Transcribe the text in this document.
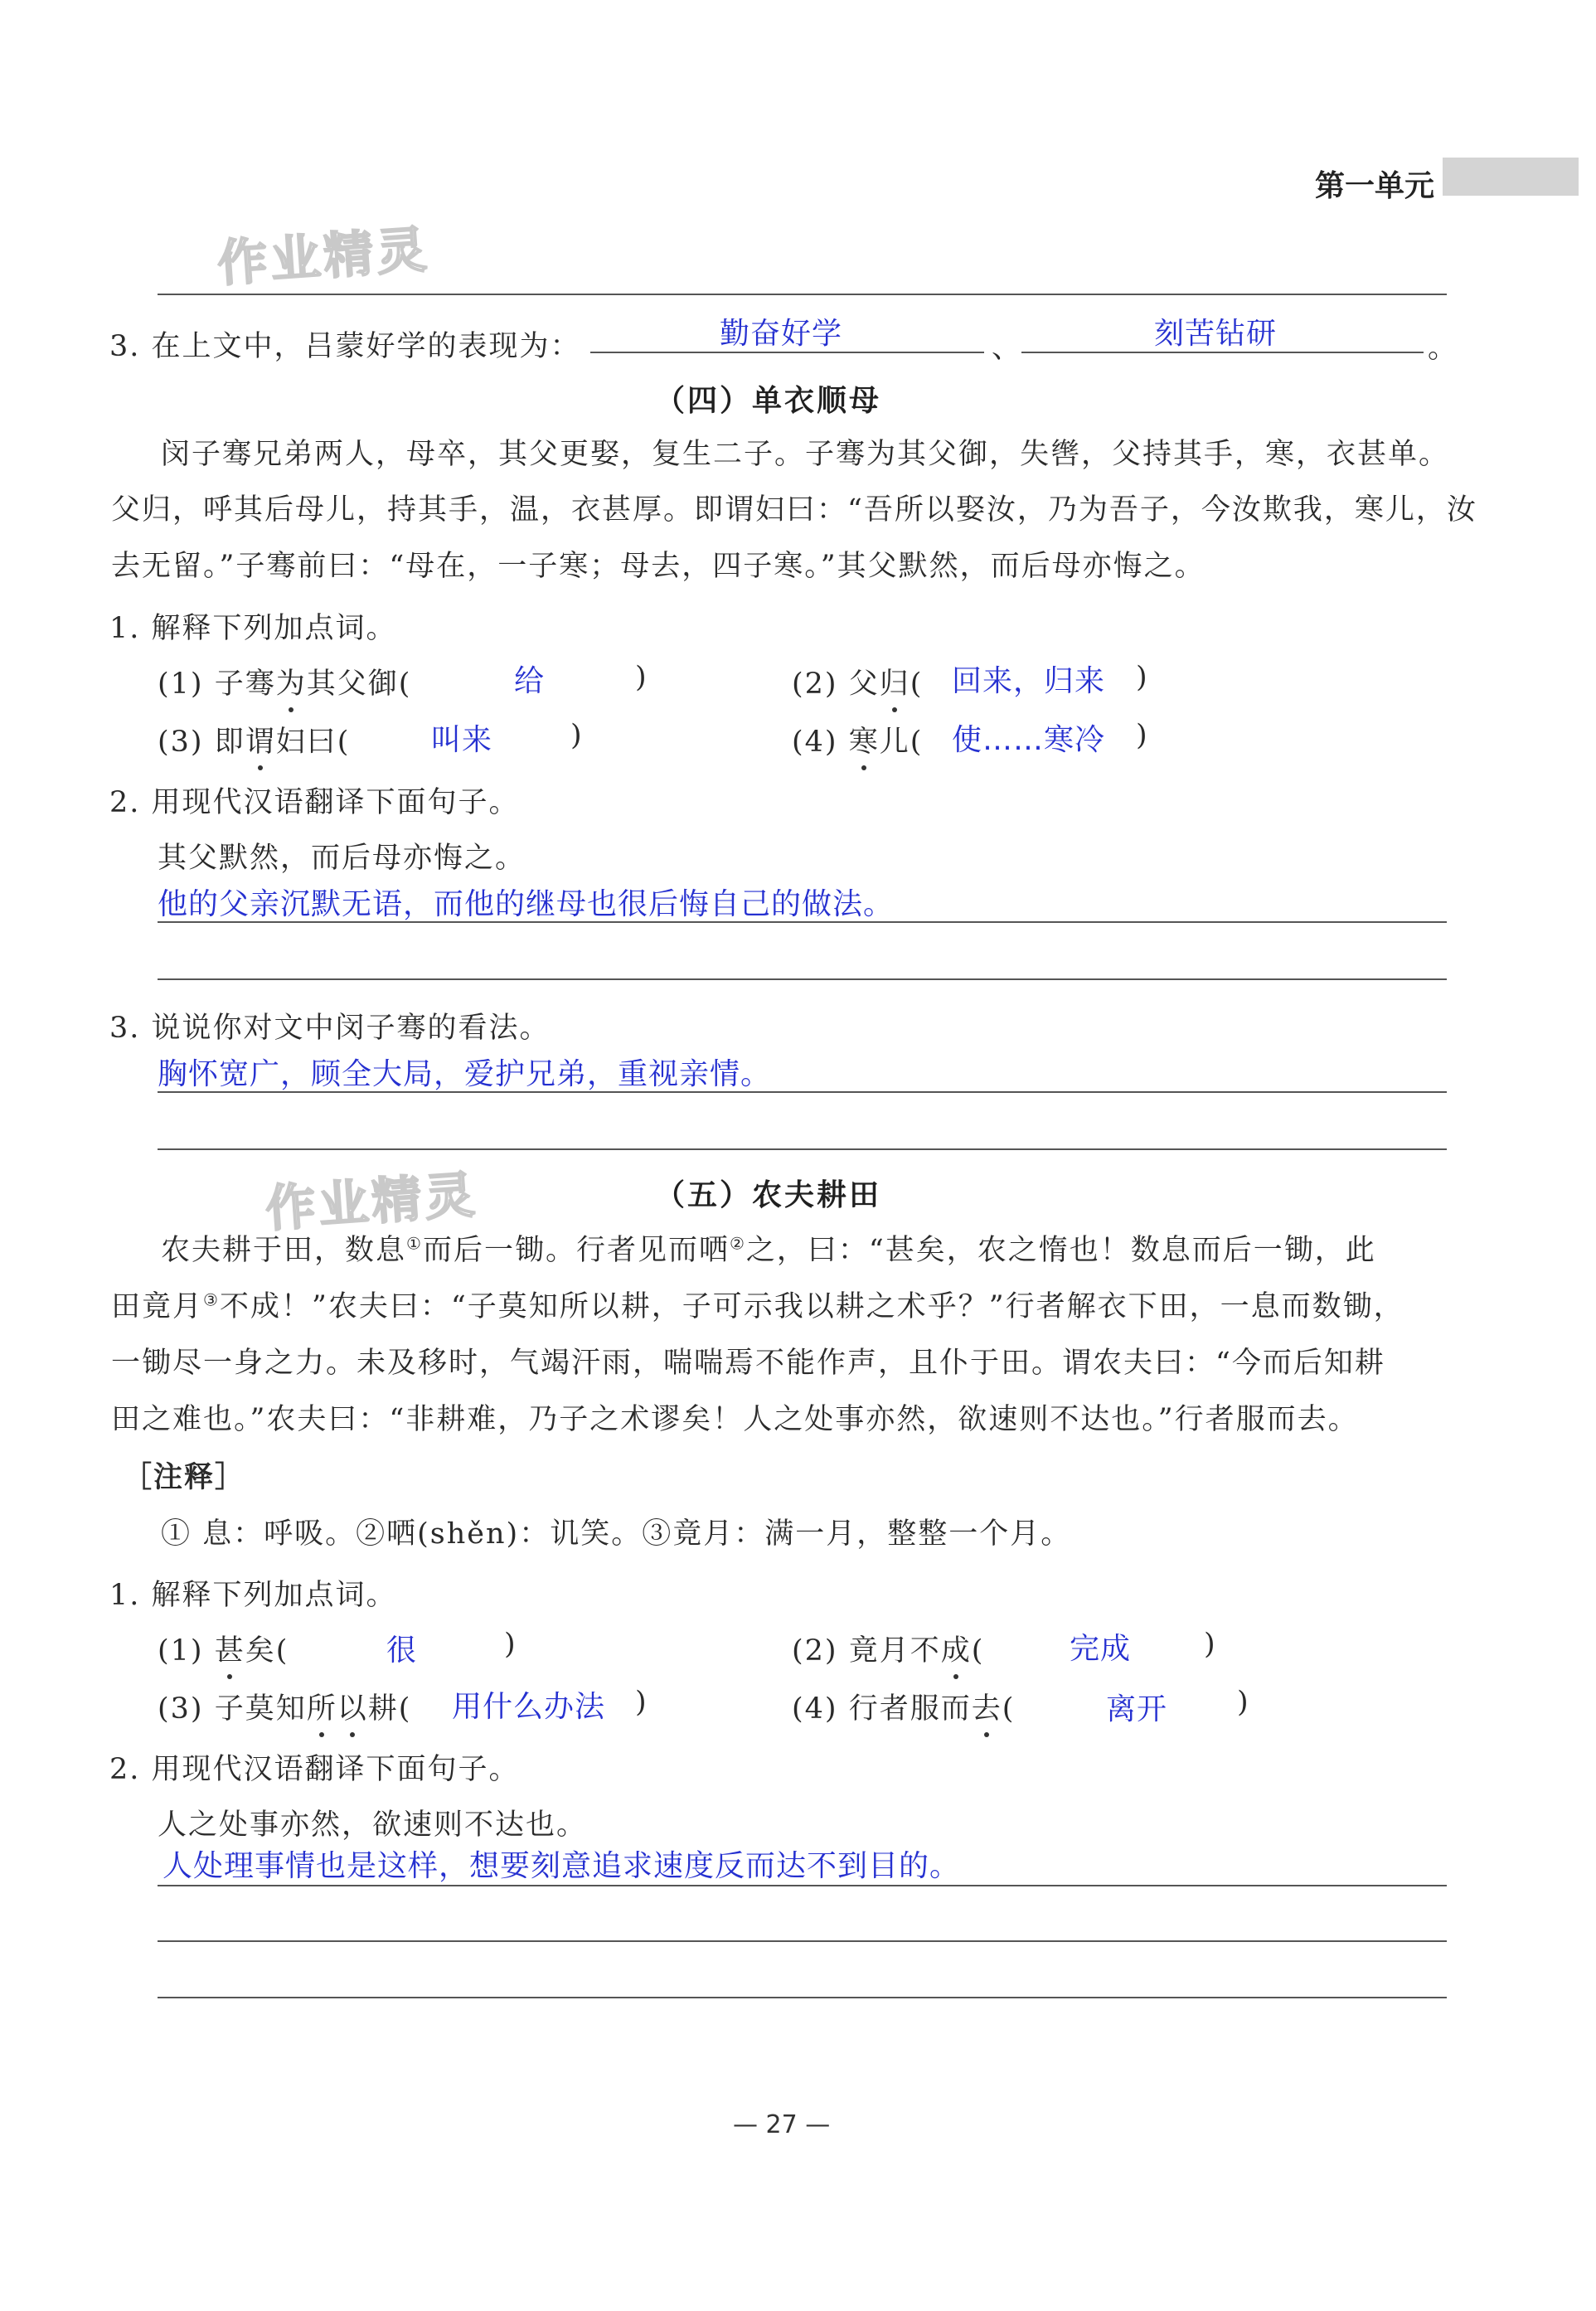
第一单元
作业精灵
3. 在上文中，吕蒙好学的表现为：	勤奋好学	、	刻苦钻研	。
（四）单衣顺母
闵子骞兄弟两人，母卒，其父更娶，复生二子。子骞为其父御，失辔，父持其手，寒，衣甚单。
父归，呼其后母儿，持其手，温，衣甚厚。即谓妇曰：“吾所以娶汝，乃为吾子，今汝欺我，寒儿，汝
去无留。”子骞前曰：“母在，一子寒；母去，四子寒。”其父默然，而后母亦悔之。
1. 解释下列加点词。
(1) 子骞为其父御(	给	)	(2) 父归( 回来，归来 )
(3) 即谓妇曰(	叫来	)	(4) 寒儿( 使……寒冷 )
2. 用现代汉语翻译下面句子。
其父默然，而后母亦悔之。
他的父亲沉默无语，而他的继母也很后悔自己的做法。
3. 说说你对文中闵子骞的看法。
胸怀宽广，顾全大局，爱护兄弟，重视亲情。
作业精灵	（五）农夫耕田
农夫耕于田，数息①而后一锄。行者见而哂②之，曰：“甚矣，农之惰也！数息而后一锄，此
田竟月③不成！”农夫曰：“子莫知所以耕，子可示我以耕之术乎？”行者解衣下田，一息而数锄，
一锄尽一身之力。未及移时，气竭汗雨，喘喘焉不能作声，且仆于田。谓农夫曰：“今而后知耕
田之难也。”农夫曰：“非耕难，乃子之术谬矣！人之处事亦然，欲速则不达也。”行者服而去。
［注释］
① 息：呼吸。②哂(shěn)：讥笑。③竟月：满一月，整整一个月。
1. 解释下列加点词。
(1) 甚矣(	很	)	(2) 竟月不成(	完成	)
(3) 子莫知所以耕( 用什么办法 )	(4) 行者服而去(	离开 )
2. 用现代汉语翻译下面句子。
人之处事亦然，欲速则不达也。
人处理事情也是这样，想要刻意追求速度反而达不到目的。
— 27 —
